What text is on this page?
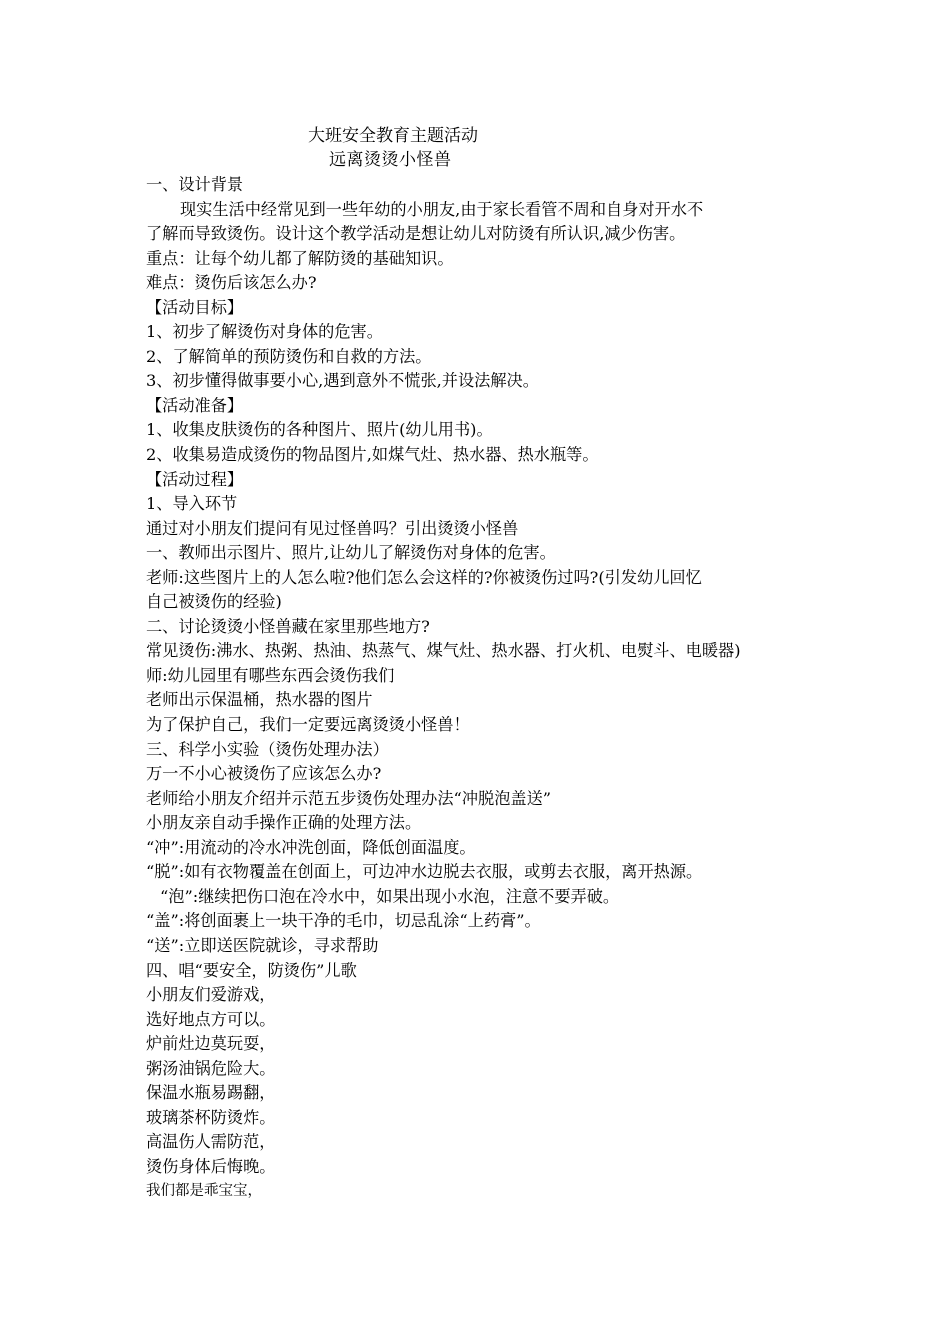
大班安全教育主题活动
远离烫烫小怪兽
一、设计背景
现实生活中经常见到一些年幼的小朋友,由于家长看管不周和自身对开水不
了解而导致烫伤。设计这个教学活动是想让幼儿对防烫有所认识,减少伤害。
重点：让每个幼儿都了解防烫的基础知识。
难点：烫伤后该怎么办?
【活动目标】
1、初步了解烫伤对身体的危害。
2、了解简单的预防烫伤和自救的方法。
3、初步懂得做事要小心,遇到意外不慌张,并设法解决。
【活动准备】
1、收集皮肤烫伤的各种图片、照片(幼儿用书)。
2、收集易造成烫伤的物品图片,如煤气灶、热水器、热水瓶等。
【活动过程】
1、导入环节
通过对小朋友们提问有见过怪兽吗？引出烫烫小怪兽
一、教师出示图片、照片,让幼儿了解烫伤对身体的危害。
老师:这些图片上的人怎么啦?他们怎么会这样的?你被烫伤过吗?(引发幼儿回忆
自己被烫伤的经验)
二、讨论烫烫小怪兽藏在家里那些地方?
常见烫伤:沸水、热粥、热油、热蒸气、煤气灶、热水器、打火机、电熨斗、电暖器)
师:幼儿园里有哪些东西会烫伤我们
老师出示保温桶，热水器的图片
为了保护自己，我们一定要远离烫烫小怪兽！
三、科学小实验（烫伤处理办法）
万一不小心被烫伤了应该怎么办?
老师给小朋友介绍并示范五步烫伤处理办法“冲脱泡盖送”
小朋友亲自动手操作正确的处理方法。
“冲”:用流动的冷水冲洗创面，降低创面温度。
“脱”:如有衣物覆盖在创面上，可边冲水边脱去衣服，或剪去衣服，离开热源。
“泡”:继续把伤口泡在冷水中，如果出现小水泡，注意不要弄破。
“盖”:将创面裹上一块干净的毛巾，切忌乱涂“上药膏”。
“送”:立即送医院就诊，寻求帮助
四、唱“要安全，防烫伤”儿歌
小朋友们爱游戏，
选好地点方可以。
炉前灶边莫玩耍，
粥汤油锅危险大。
保温水瓶易踢翻，
玻璃茶杯防烫炸。
高温伤人需防范，
烫伤身体后悔晚。
我们都是乖宝宝，
